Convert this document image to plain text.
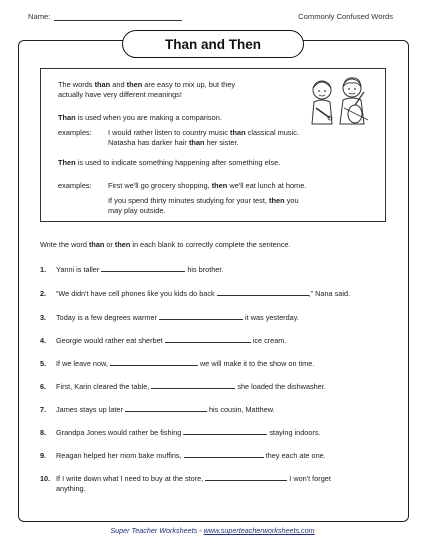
Name:	Commonly Confused Words
Than and Then
The words than and then are easy to mix up, but they
actually have very different meanings!
Than is used when you are making a comparison.
examples: I would rather listen to country music than classical music.
Natasha has darker hair than her sister.
Then is used to indicate something happening after something else.
examples: First we'll go grocery shopping, then we'll eat lunch at home.
If you spend thirty minutes studying for your test, then you
may play outside.
Write the word than or then in each blank to correctly complete the sentence.
1. Yanni is taller	his brother.
2. “We didn't have cell phones like you kids do back	,” Nana said.
3. Today is a few degrees warmer	it was yesterday.
4. Georgie would rather eat sherbet	ice cream.
5. If we leave now,	we will make it to the show on time.
6. First, Karin cleared the table,	she loaded the dishwasher.
7. James stays up later	his cousin, Matthew.
8. Grandpa Jones would rather be fishing	staying indoors.
9. Reagan helped her mom bake muffins,	they each ate one.
10. If I write down what I need to buy at the store,	I won't forget
anything.
Super Teacher Worksheets - www.superteacherworksheets.com
